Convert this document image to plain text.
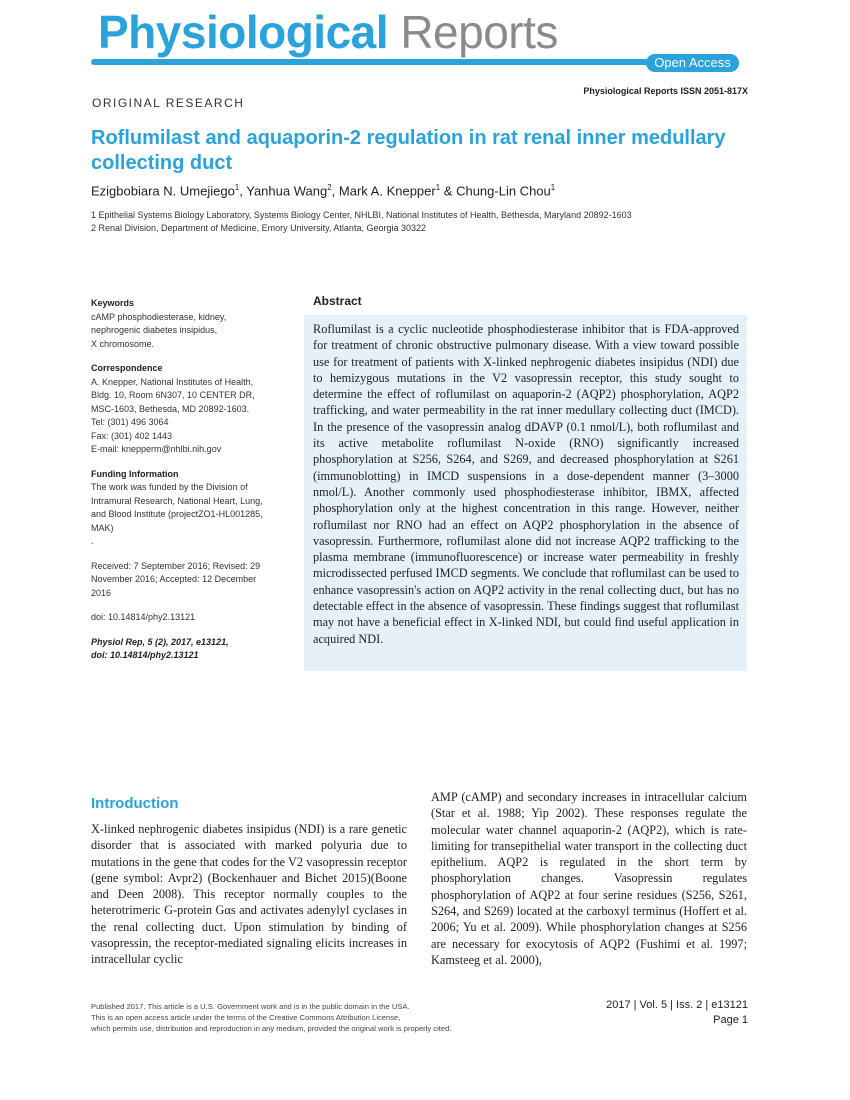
Physiological Reports
Open Access
Physiological Reports ISSN 2051-817X
ORIGINAL RESEARCH
Roflumilast and aquaporin-2 regulation in rat renal inner medullary collecting duct
Ezigbobiara N. Umejiego$^1$, Yanhua Wang$^2$, Mark A. Knepper$^1$ & Chung-Lin Chou$^1$
1 Epithelial Systems Biology Laboratory, Systems Biology Center, NHLBI, National Institutes of Health, Bethesda, Maryland 20892-1603
2 Renal Division, Department of Medicine, Emory University, Atlanta, Georgia 30322

Keywords

cAMP phosphodiesterase, kidney,

nephrogenic diabetes insipidus,

X chromosome.

Correspondence

A. Knepper, National Institutes of Health,

Bldg. 10, Room 6N307, 10 CENTER DR,

MSC-1603, Bethesda, MD 20892-1603.

Tel: (301) 496 3064

Fax: (301) 402 1443

E-mail: knepperm@nhlbi.nih.gov

Funding Information

The work was funded by the Division of

Intramural Research, National Heart, Lung,

and Blood Institute (projectZO1-HL001285,

MAK)

.

Received: 7 September 2016; Revised: 29

November 2016; Accepted: 12 December

2016

doi: 10.14814/phy2.13121

Physiol Rep, 5 (2), 2017, e13121,

doi: 10.14814/phy2.13121

Abstract

Roflumilast is a cyclic nucleotide phosphodiesterase inhibitor that is FDA-approved for treatment of chronic obstructive pulmonary disease. With a view toward possible use for treatment of patients with X-linked nephrogenic diabetes insipidus (NDI) due to hemizygous mutations in the V2 vasopressin receptor, this study sought to determine the effect of roflumilast on aquaporin-2 (AQP2) phosphorylation, AQP2 trafficking, and water permeability in the rat inner medullary collecting duct (IMCD). In the presence of the vasopressin analog dDAVP (0.1 nmol/L), both roflumilast and its active metabolite roflumilast N-oxide (RNO) significantly increased phosphorylation at S256, S264, and S269, and decreased phosphorylation at S261 (immunoblotting) in IMCD suspensions in a dose-dependent manner (3–3000 nmol/L). Another commonly used phosphodiesterase inhibitor, IBMX, affected phosphorylation only at the highest concentration in this range. However, neither roflumilast nor RNO had an effect on AQP2 phosphorylation in the absence of vasopressin. Furthermore, roflumilast alone did not increase AQP2 trafficking to the plasma membrane (immunofluorescence) or increase water permeability in freshly microdissected perfused IMCD segments. We conclude that roflumilast can be used to enhance vasopressin's action on AQP2 activity in the renal collecting duct, but has no detectable effect in the absence of vasopressin. These findings suggest that roflumilast may not have a beneficial effect in X-linked NDI, but could find useful application in acquired NDI.

Introduction

X-linked nephrogenic diabetes insipidus (NDI) is a rare genetic disorder that is associated with marked polyuria due to mutations in the gene that codes for the V2 vasopressin receptor (gene symbol: Avpr2) (Bockenhauer and Bichet 2015)(Boone and Deen 2008). This receptor normally couples to the heterotrimeric G-protein Gαs and activates adenylyl cyclases in the renal collecting duct. Upon stimulation by binding of vasopressin, the receptor-mediated signaling elicits increases in intracellular cyclic

AMP (cAMP) and secondary increases in intracellular calcium (Star et al. 1988; Yip 2002). These responses regulate the molecular water channel aquaporin-2 (AQP2), which is rate-limiting for transepithelial water transport in the collecting duct epithelium. AQP2 is regulated in the short term by phosphorylation changes. Vasopressin regulates phosphorylation of AQP2 at four serine residues (S256, S261, S264, and S269) located at the carboxyl terminus (Hoffert et al. 2006; Yu et al. 2009). While phosphorylation changes at S256 are necessary for exocytosis of AQP2 (Fushimi et al. 1997; Kamsteeg et al. 2000),

Published 2017. This article is a U.S. Government work and is in the public domain in the USA.
This is an open access article under the terms of the Creative Commons Attribution License,
which permits use, distribution and reproduction in any medium, provided the original work is properly cited.
2017 | Vol. 5 | Iss. 2 | e13121
Page 1
